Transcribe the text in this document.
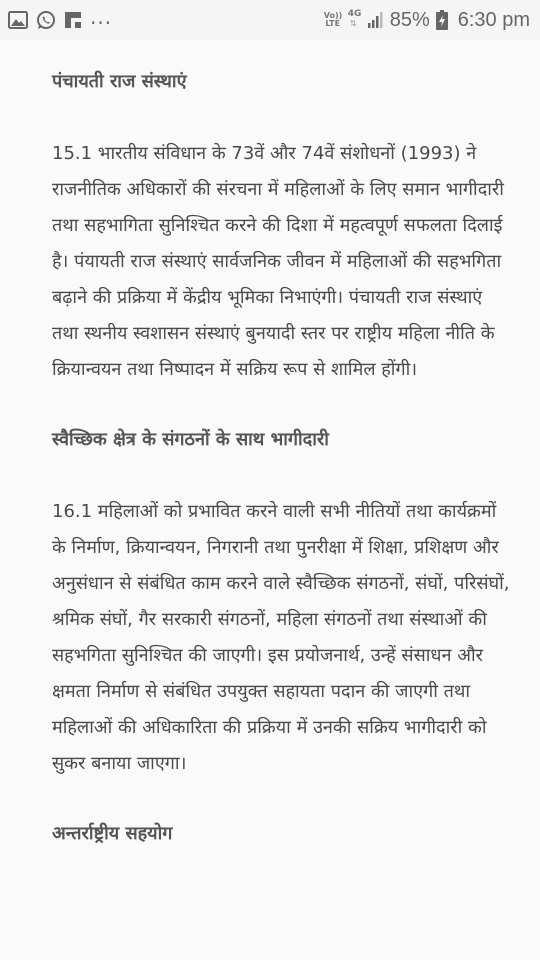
...	Vo))
LTE
4G
⇅ 85% 6:30 pm

पंचायती राज संस्थाएं

15.1 भारतीय संविधान के 73वें और 74वें संशोधनों (1993) ने राजनीतिक अधिकारों की संरचना में महिलाओं के लिए समान भागीदारी तथा सहभागिता सुनिश्चित करने की दिशा में महत्वपूर्ण सफलता दिलाई है। पंयायती राज संस्थाएं सार्वजनिक जीवन में महिलाओं की सहभगिता बढ़ाने की प्रक्रिया में केंद्रीय भूमिका निभाएंगी। पंचायती राज संस्थाएं तथा स्थनीय स्वशासन संस्थाएं बुनयादी स्तर पर राष्ट्रीय महिला नीति के क्रियान्वयन तथा निष्पादन में सक्रिय रूप से शामिल होंगी।

स्वैच्छिक क्षेत्र के संगठनों के साथ भागीदारी

16.1 महिलाओं को प्रभावित करने वाली सभी नीतियों तथा कार्यक्रमों के निर्माण, क्रियान्वयन, निगरानी तथा पुनरीक्षा में शिक्षा, प्रशिक्षण और अनुसंधान से संबंधित काम करने वाले स्वैच्छिक संगठनों, संघों, परिसंघों, श्रमिक संघों, गैर सरकारी संगठनों, महिला संगठनों तथा संस्थाओं की सहभगिता सुनिश्चित की जाएगी। इस प्रयोजनार्थ, उन्हें संसाधन और क्षमता निर्माण से संबंधित उपयुक्त सहायता पदान की जाएगी तथा महिलाओं की अधिकारिता की प्रक्रिया में उनकी सक्रिय भागीदारी को सुकर बनाया जाएगा।

अन्तर्राष्ट्रीय सहयोग
